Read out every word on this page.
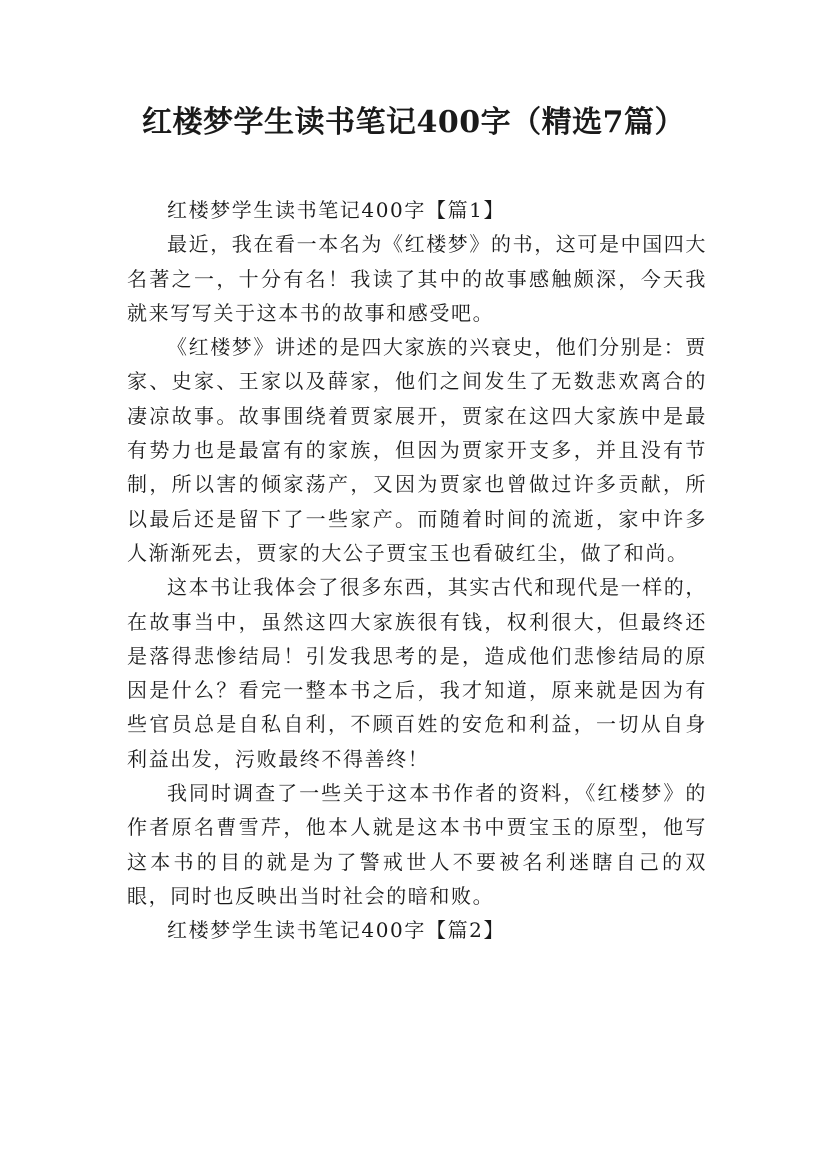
红楼梦学生读书笔记400字（精选7篇）

红楼梦学生读书笔记400字【篇1】

最近，我在看一本名为《红楼梦》的书，这可是中国四大名著之一，十分有名！我读了其中的故事感触颇深，今天我就来写写关于这本书的故事和感受吧。

《红楼梦》讲述的是四大家族的兴衰史，他们分别是：贾家、史家、王家以及薛家，他们之间发生了无数悲欢离合的凄凉故事。故事围绕着贾家展开，贾家在这四大家族中是最有势力也是最富有的家族，但因为贾家开支多，并且没有节制，所以害的倾家荡产，又因为贾家也曾做过许多贡献，所以最后还是留下了一些家产。而随着时间的流逝，家中许多人渐渐死去，贾家的大公子贾宝玉也看破红尘，做了和尚。

这本书让我体会了很多东西，其实古代和现代是一样的，在故事当中，虽然这四大家族很有钱，权利很大，但最终还是落得悲惨结局！引发我思考的是，造成他们悲惨结局的原因是什么？看完一整本书之后，我才知道，原来就是因为有些官员总是自私自利，不顾百姓的安危和利益，一切从自身利益出发，污败最终不得善终！

我同时调查了一些关于这本书作者的资料，《红楼梦》的作者原名曹雪芹，他本人就是这本书中贾宝玉的原型，他写这本书的目的就是为了警戒世人不要被名利迷瞎自己的双眼，同时也反映出当时社会的暗和败。

红楼梦学生读书笔记400字【篇2】
